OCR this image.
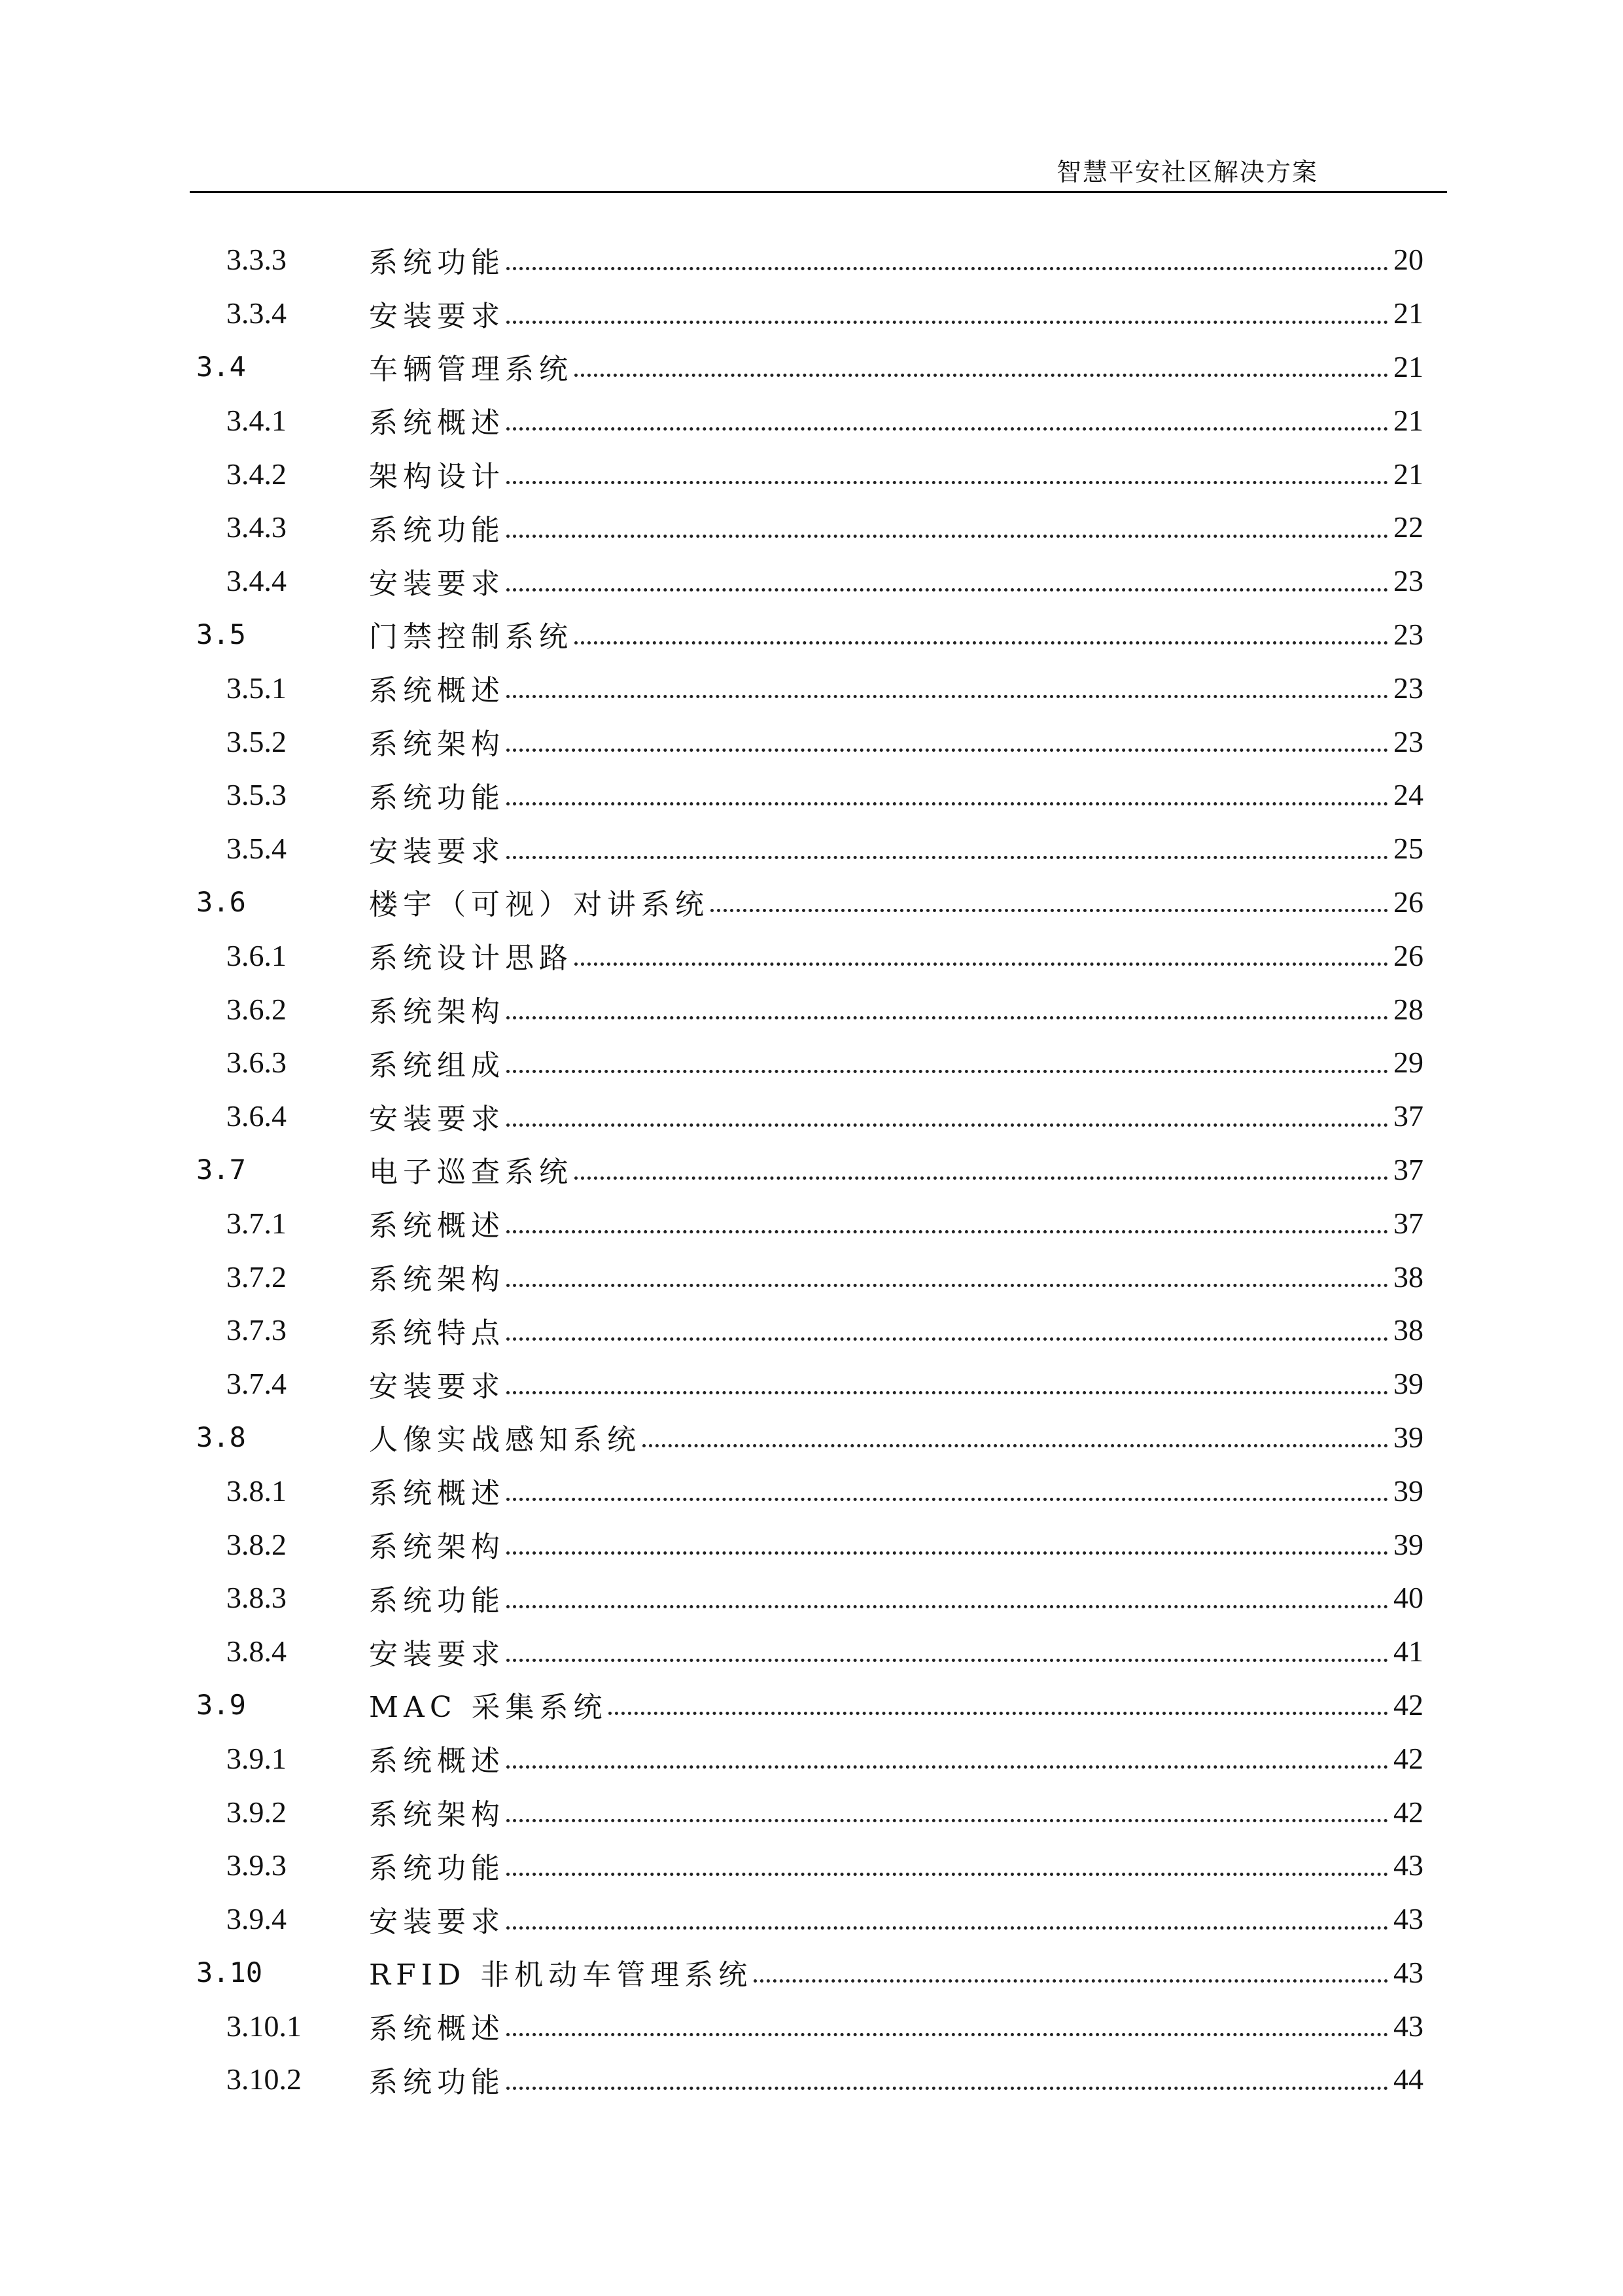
智慧平安社区解决方案
3.3.3	系统功能	20
3.3.4	安装要求	21
3.4	车辆管理系统	21
3.4.1	系统概述	21
3.4.2	架构设计	21
3.4.3	系统功能	22
3.4.4	安装要求	23
3.5	门禁控制系统	23
3.5.1	系统概述	23
3.5.2	系统架构	23
3.5.3	系统功能	24
3.5.4	安装要求	25
3.6	楼宇（可视）对讲系统	26
3.6.1	系统设计思路	26
3.6.2	系统架构	28
3.6.3	系统组成	29
3.6.4	安装要求	37
3.7	电子巡查系统	37
3.7.1	系统概述	37
3.7.2	系统架构	38
3.7.3	系统特点	38
3.7.4	安装要求	39
3.8	人像实战感知系统	39
3.8.1	系统概述	39
3.8.2	系统架构	39
3.8.3	系统功能	40
3.8.4	安装要求	41
3.9	MAC 采集系统	42
3.9.1	系统概述	42
3.9.2	系统架构	42
3.9.3	系统功能	43
3.9.4	安装要求	43
3.10	RFID 非机动车管理系统	43
3.10.1	系统概述	43
3.10.2	系统功能	44
